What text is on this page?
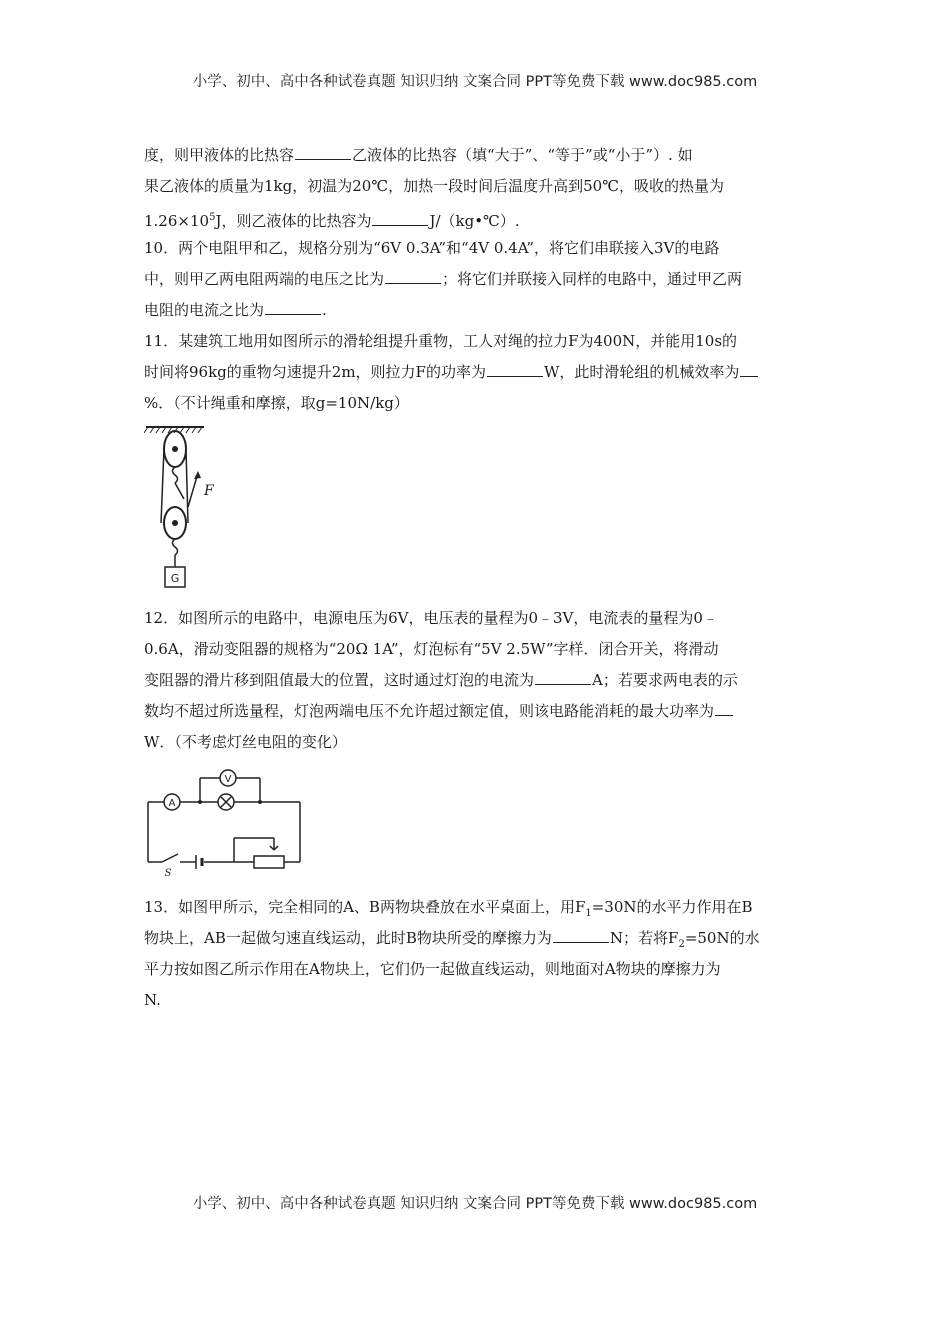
小学、初中、高中各种试卷真题 知识归纳 文案合同 PPT等免费下载 www.doc985.com
度，则甲液体的比热容	乙液体的比热容（填“大于”、“等于”或“小于”）. 如
果乙液体的质量为1kg，初温为20℃，加热一段时间后温度升高到50℃，吸收的热量为
$1.26\times 10^5J$，则乙液体的比热容为	J/（kg•℃）.
10．两个电阻甲和乙，规格分别为“6V 0.3A”和“4V 0.4A”，将它们串联接入3V的电路
中，则甲乙两电阻两端的电压之比为	；将它们并联接入同样的电路中，通过甲乙两
电阻的电流之比为	.
11．某建筑工地用如图所示的滑轮组提升重物，工人对绳的拉力F为400N，并能用10s的
时间将96kg的重物匀速提升2m，则拉力F的功率为	W，此时滑轮组的机械效率为
%．（不计绳重和摩擦，取g=10N/kg）
F
G
12．如图所示的电路中，电源电压为6V，电压表的量程为0﹣3V，电流表的量程为0﹣
0.6A，滑动变阻器的规格为“20Ω 1A”，灯泡标有“5V 2.5W”字样．闭合开关，将滑动
变阻器的滑片移到阻值最大的位置，这时通过灯泡的电流为	A；若要求两电表的示
数均不超过所选量程，灯泡两端电压不允许超过额定值，则该电路能消耗的最大功率为
W．（不考虑灯丝电阻的变化）
A
V
S
13．如图甲所示，完全相同的A、B两物块叠放在水平桌面上，用$F_1=30N$的水平力作用在B
物块上，AB一起做匀速直线运动，此时B物块所受的摩擦力为	N；若将$F_2=50N$的水
平力按如图乙所示作用在A物块上，它们仍一起做直线运动，则地面对A物块的摩擦力为
N.
小学、初中、高中各种试卷真题 知识归纳 文案合同 PPT等免费下载 www.doc985.com
